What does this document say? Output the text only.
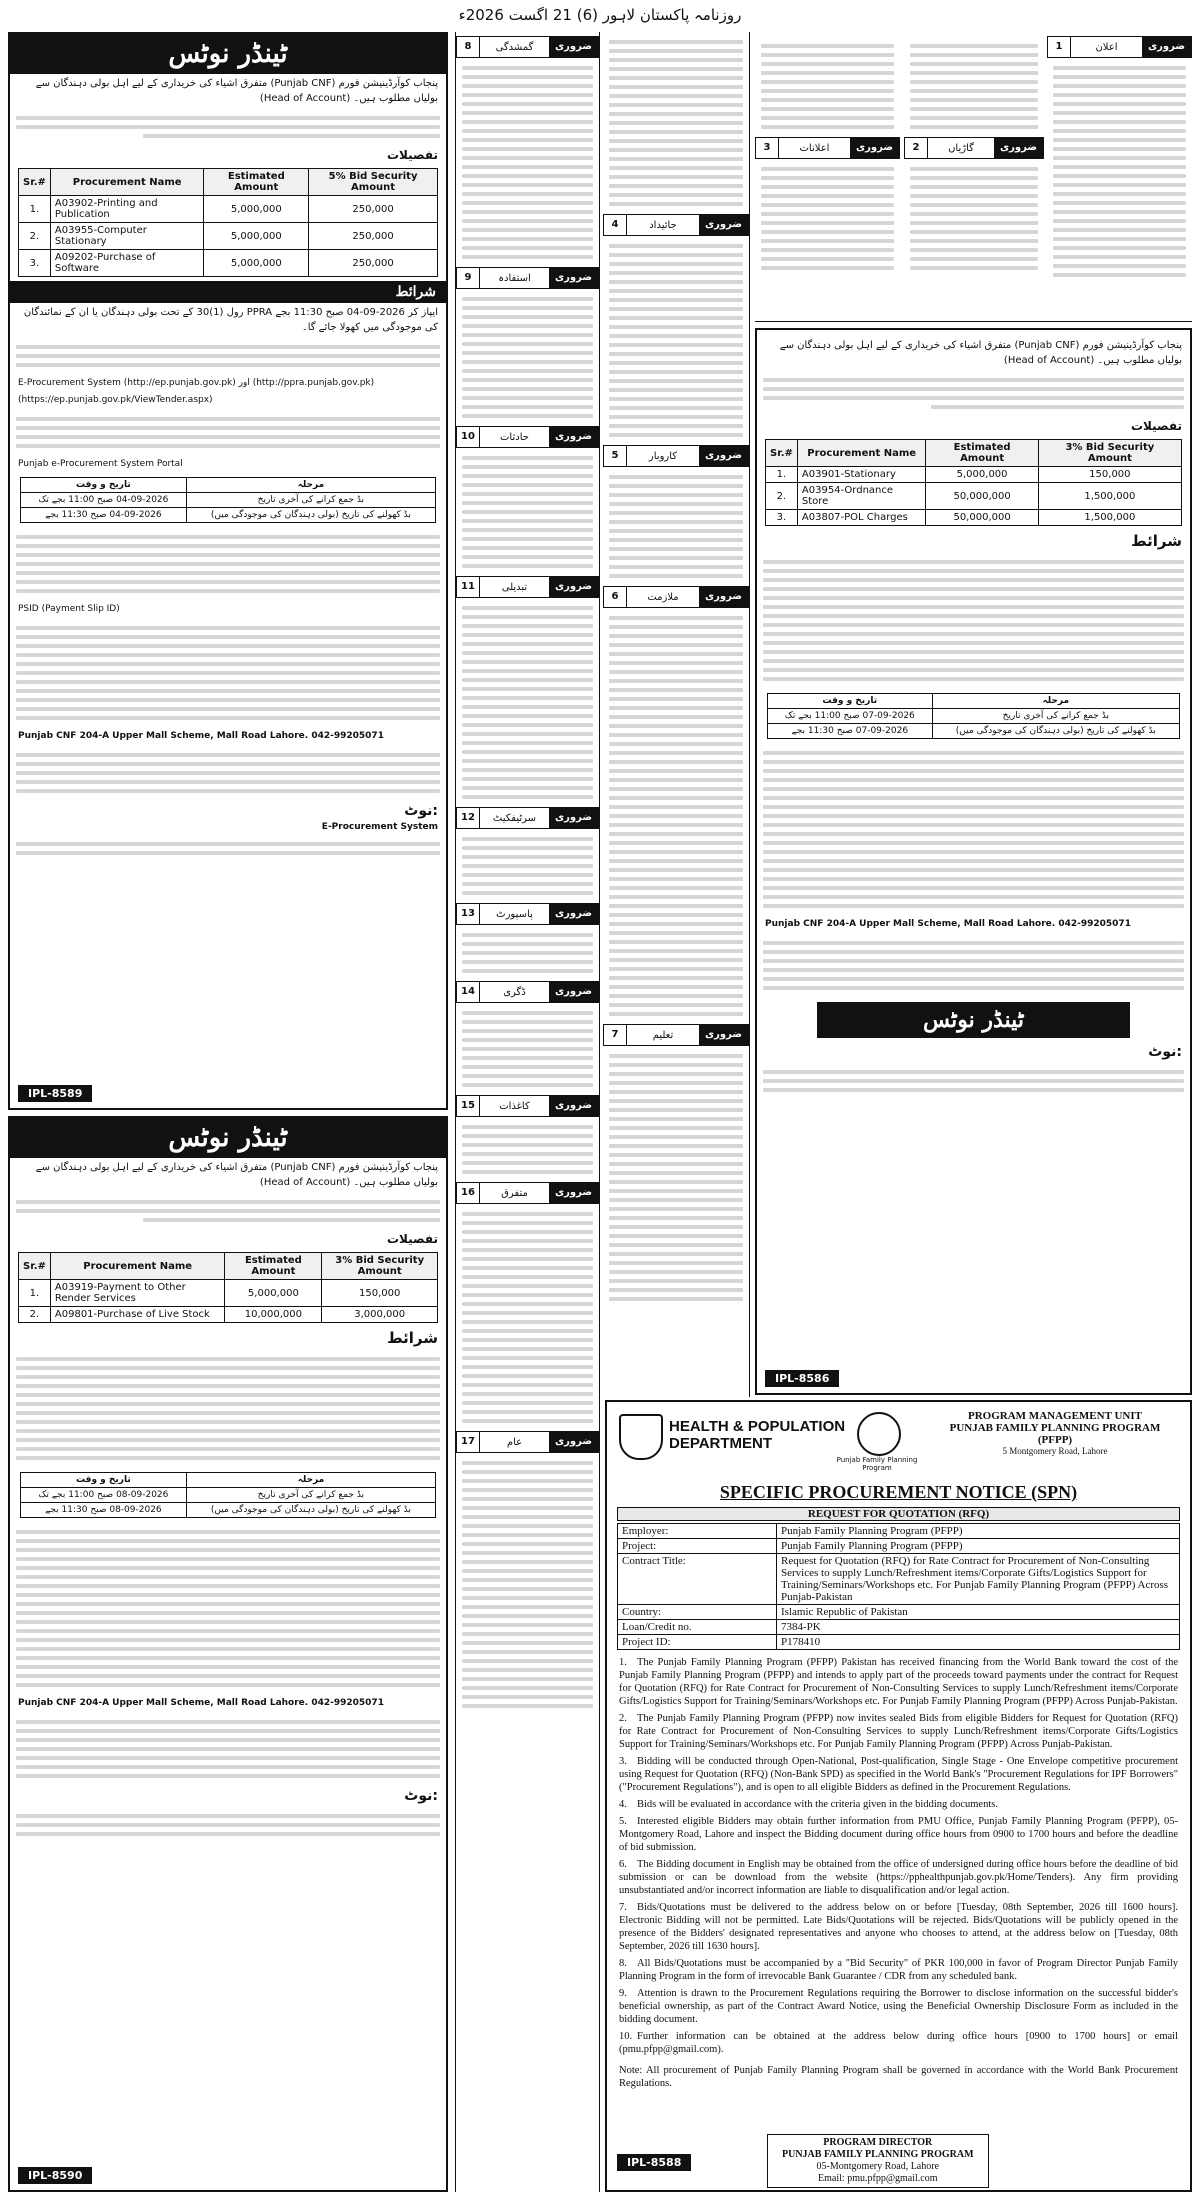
روزنامہ پاکستان لاہور (6) 21 اگست 2026ء
ٹینڈر نوٹس
پنجاب کوآرڈینیشن فورم (Punjab CNF) متفرق اشیاء کی خریداری کے لیے اہل بولی دہندگان سے بولیاں مطلوب ہیں۔ (Head of Account)
تفصیلات
Sr.#	Procurement Name	Estimated Amount	5% Bid Security Amount
1.	A03902-Printing and Publication	5,000,000	250,000
2.	A03955-Computer Stationary	5,000,000	250,000
3.	A09202-Purchase of Software	5,000,000	250,000
شرائط
ایپاز کر 2026-09-04 صبح 11:30 بجے PPRA رول (1)30 کے تحت بولی دہندگان یا ان کے نمائندگان کی موجودگی میں کھولا جائے گا۔
E-Procurement System (http://ep.punjab.gov.pk) اور (http://ppra.punjab.gov.pk)
(https://ep.punjab.gov.pk/ViewTender.aspx)
Punjab e-Procurement System Portal
مرحلہ	تاریخ و وقت
بڈ جمع کرانے کی آخری تاریخ	04-09-2026 صبح 11:00 بجے تک
بڈ کھولنے کی تاریخ (بولی دہندگان کی موجودگی میں)	04-09-2026 صبح 11:30 بجے
PSID (Payment Slip ID)
Punjab CNF 204-A Upper Mall Scheme, Mall Road Lahore. 042-99205071
نوٹ:
E-Procurement System
IPL-8589
ٹینڈر نوٹس
پنجاب کوآرڈینیشن فورم (Punjab CNF) متفرق اشیاء کی خریداری کے لیے اہل بولی دہندگان سے بولیاں مطلوب ہیں۔ (Head of Account)
تفصیلات
Sr.#	Procurement Name	Estimated Amount	3% Bid Security Amount
1.	A03919-Payment to Other Render Services	5,000,000	150,000
2.	A09801-Purchase of Live Stock	10,000,000	3,000,000
شرائط
مرحلہ	تاریخ و وقت
بڈ جمع کرانے کی آخری تاریخ	08-09-2026 صبح 11:00 بجے تک
بڈ کھولنے کی تاریخ (بولی دہندگان کی موجودگی میں)	08-09-2026 صبح 11:30 بجے
Punjab CNF 204-A Upper Mall Scheme, Mall Road Lahore. 042-99205071
نوٹ:
IPL-8590
8	گمشدگی	ضروری
9	استفادہ	ضروری
10	حادثات	ضروری
11	تبدیلی	ضروری
12	سرٹیفکیٹ	ضروری
13	پاسپورٹ	ضروری
14	ڈگری	ضروری
15	کاغذات	ضروری
16	متفرق	ضروری
17	عام	ضروری
4	جائیداد	ضروری
5	کاروبار	ضروری
6	ملازمت	ضروری
7	تعلیم	ضروری
1	اعلان	ضروری
2	گاڑیاں	ضروری
3	اعلانات	ضروری
پنجاب کوآرڈینیشن فورم (Punjab CNF) متفرق اشیاء کی خریداری کے لیے اہل بولی دہندگان سے بولیاں مطلوب ہیں۔ (Head of Account)
تفصیلات
Sr.#	Procurement Name	Estimated Amount	3% Bid Security Amount
1.	A03901-Stationary	5,000,000	150,000
2.	A03954-Ordnance Store	50,000,000	1,500,000
3.	A03807-POL Charges	50,000,000	1,500,000
شرائط
مرحلہ	تاریخ و وقت
بڈ جمع کرانے کی آخری تاریخ	07-09-2026 صبح 11:00 بجے تک
بڈ کھولنے کی تاریخ (بولی دہندگان کی موجودگی میں)	07-09-2026 صبح 11:30 بجے
Punjab CNF 204-A Upper Mall Scheme, Mall Road Lahore. 042-99205071
ٹینڈر نوٹس
نوٹ:
IPL-8586
HEALTH & POPULATION
DEPARTMENT
Punjab Family Planning Program
PROGRAM MANAGEMENT UNIT
PUNJAB FAMILY PLANNING PROGRAM
(PFPP)
5 Montgomery Road, Lahore
SPECIFIC PROCUREMENT NOTICE (SPN)
REQUEST FOR QUOTATION (RFQ)
Employer:	Punjab Family Planning Program (PFPP)
Project:	Punjab Family Planning Program (PFPP)
Contract Title:	Request for Quotation (RFQ) for Rate Contract for Procurement of Non-Consulting Services to supply Lunch/Refreshment items/Corporate Gifts/Logistics Support for Training/Seminars/Workshops etc. For Punjab Family Planning Program (PFPP) Across Punjab-Pakistan
Country:	Islamic Republic of Pakistan
Loan/Credit no.	7384-PK
Project ID:	P178410
1. The Punjab Family Planning Program (PFPP) Pakistan has received financing from the World Bank toward the cost of the Punjab Family Planning Program (PFPP) and intends to apply part of the proceeds toward payments under the contract for Request for Quotation (RFQ) for Rate Contract for Procurement of Non-Consulting Services to supply Lunch/Refreshment items/Corporate Gifts/Logistics Support for Training/Seminars/Workshops etc. For Punjab Family Planning Program (PFPP) Across Punjab-Pakistan.
2. The Punjab Family Planning Program (PFPP) now invites sealed Bids from eligible Bidders for Request for Quotation (RFQ) for Rate Contract for Procurement of Non-Consulting Services to supply Lunch/Refreshment items/Corporate Gifts/Logistics Support for Training/Seminars/Workshops etc. For Punjab Family Planning Program (PFPP) Across Punjab-Pakistan.
3. Bidding will be conducted through Open-National, Post-qualification, Single Stage - One Envelope competitive procurement using Request for Quotation (RFQ) (Non-Bank SPD) as specified in the World Bank's "Procurement Regulations for IPF Borrowers" ("Procurement Regulations"), and is open to all eligible Bidders as defined in the Procurement Regulations.
4. Bids will be evaluated in accordance with the criteria given in the bidding documents.
5. Interested eligible Bidders may obtain further information from PMU Office, Punjab Family Planning Program (PFPP), 05-Montgomery Road, Lahore and inspect the Bidding document during office hours from 0900 to 1700 hours and before the deadline of bid submission.
6. The Bidding document in English may be obtained from the office of undersigned during office hours before the deadline of bid submission or can be download from the website (https://pphealthpunjab.gov.pk/Home/Tenders). Any firm providing unsubstantiated and/or incorrect information are liable to disqualification and/or legal action.
7. Bids/Quotations must be delivered to the address below on or before [Tuesday, 08th September, 2026 till 1600 hours]. Electronic Bidding will not be permitted. Late Bids/Quotations will be rejected. Bids/Quotations will be publicly opened in the presence of the Bidders' designated representatives and anyone who chooses to attend, at the address below on [Tuesday, 08th September, 2026 till 1630 hours].
8. All Bids/Quotations must be accompanied by a "Bid Security" of PKR 100,000 in favor of Program Director Punjab Family Planning Program in the form of irrevocable Bank Guarantee / CDR from any scheduled bank.
9. Attention is drawn to the Procurement Regulations requiring the Borrower to disclose information on the successful bidder's beneficial ownership, as part of the Contract Award Notice, using the Beneficial Ownership Disclosure Form as included in the bidding document.
10. Further information can be obtained at the address below during office hours [0900 to 1700 hours] or email (pmu.pfpp@gmail.com).
Note: All procurement of Punjab Family Planning Program shall be governed in accordance with the World Bank Procurement Regulations.
IPL-8588
PROGRAM DIRECTOR
PUNJAB FAMILY PLANNING PROGRAM
05-Montgomery Road, Lahore
Email: pmu.pfpp@gmail.com
